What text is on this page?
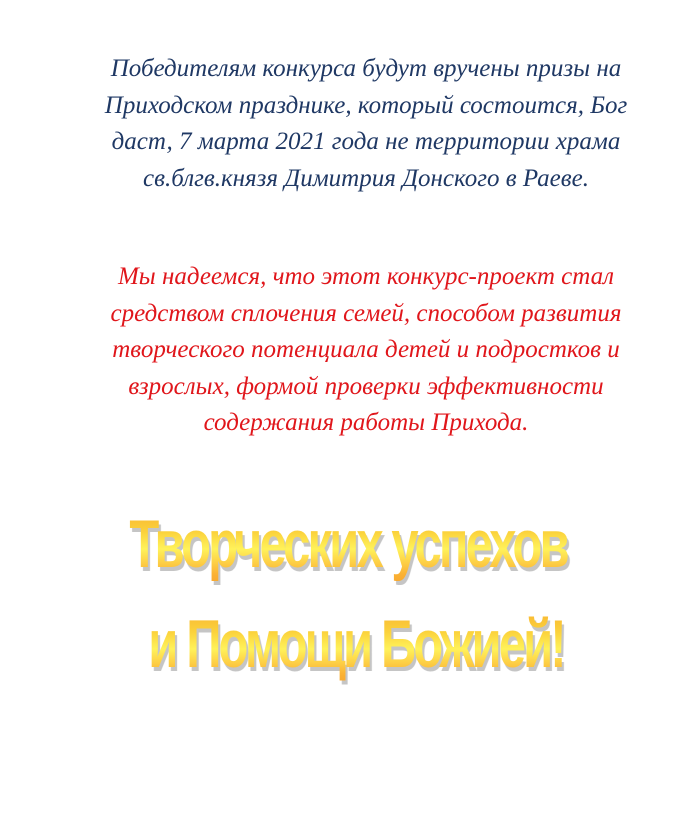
Победителям конкурса будут вручены призы на
Приходском празднике, который состоится, Бог
даст, 7 марта 2021 года не территории храма
св.блгв.князя Димитрия Донского в Раеве.

Мы надеемся, что этот конкурс-проект стал
средством сплочения семей, способом развития
творческого потенциала детей и подростков и
взрослых, формой проверки эффективности
содержания работы Прихода.

Творческих успехов
и Помощи Божией!
